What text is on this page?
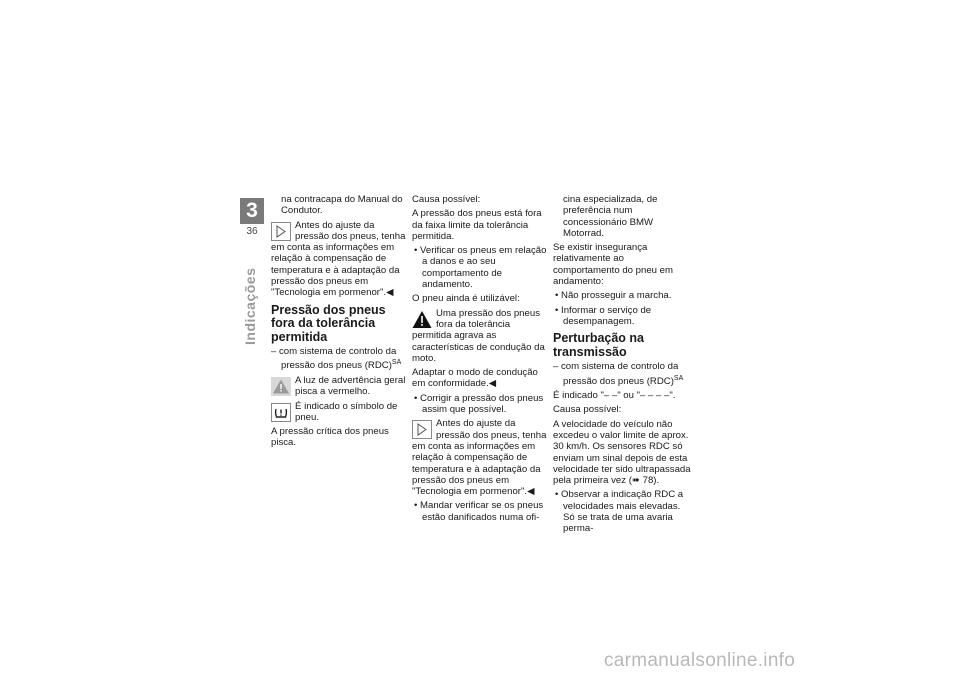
3
36
Indicações

na contracapa do Manual do Condutor.

Antes do ajuste da pressão dos pneus, tenha em conta as informações em relação à compensação de temperatura e à adaptação da pressão dos pneus em "Tecnologia em pormenor".◀

Pressão dos pneus fora da tolerância permitida

– com sistema de controlo da pressão dos pneus (RDC)$^{SA}$

A luz de advertência geral pisca a vermelho.

É indicado o símbolo de pneu.

A pressão crítica dos pneus pisca.

Causa possível:

A pressão dos pneus está fora da faixa limite da tolerância permitida.

• Verificar os pneus em relação a danos e ao seu comportamento de andamento.

O pneu ainda é utilizável:

Uma pressão dos pneus fora da tolerância permitida agrava as características de condução da moto.

Adaptar o modo de condução em conformidade.◀

• Corrigir a pressão dos pneus assim que possível.

Antes do ajuste da pressão dos pneus, tenha em conta as informações em relação à compensação de temperatura e à adaptação da pressão dos pneus em "Tecnologia em pormenor".◀

• Mandar verificar se os pneus estão danificados numa ofi-

cina especializada, de preferência num concessionário BMW Motorrad.

Se existir insegurança relativamente ao comportamento do pneu em andamento:

• Não prosseguir a marcha.

• Informar o serviço de desempanagem.

Perturbação na transmissão

– com sistema de controlo da pressão dos pneus (RDC)$^{SA}$

É indicado "– –" ou "– – – –".

Causa possível:

A velocidade do veículo não excedeu o valor limite de aprox. 30 km/h. Os sensores RDC só enviam um sinal depois de esta velocidade ter sido ultrapassada pela primeira vez (➠ 78).

• Observar a indicação RDC a velocidades mais elevadas. Só se trata de uma avaria perma-

carmanualsonline.info
